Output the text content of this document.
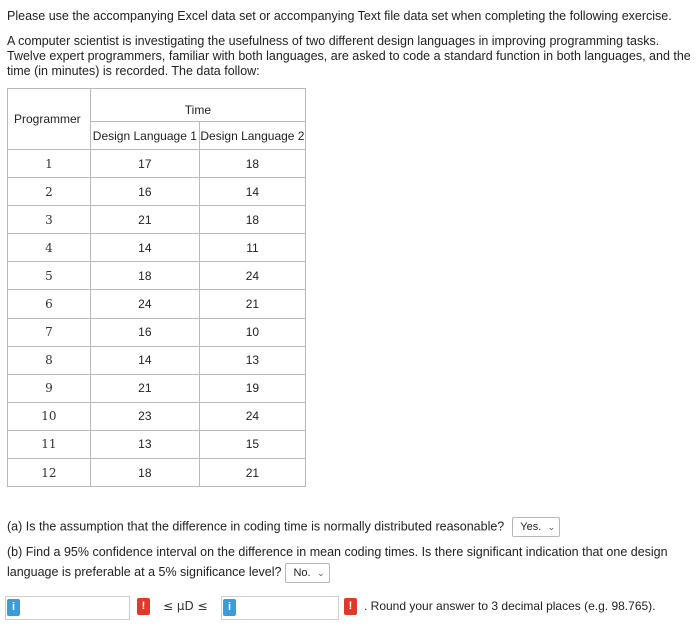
Please use the accompanying Excel data set or accompanying Text file data set when completing the following exercise.

A computer scientist is investigating the usefulness of two different design languages in improving programming tasks. Twelve expert programmers, familiar with both languages, are asked to code a standard function in both languages, and the time (in minutes) is recorded. The data follow:

Programmer	Time	
	Design Language 1	Design Language 2
1	17	18
2	16	14
3	21	18
4	14	11
5	18	24
6	24	21
7	16	10
8	14	13
9	21	19
10	23	24
11	13	15
12	18	21
(a) Is the assumption that the difference in coding time is normally distributed reasonable? Yes. ⌄
(b) Find a 95% confidence interval on the difference in mean coding times. Is there significant indication that one design language is preferable at a 5% significance level? No. ⌄
i	!	≤ μD ≤	i	! . Round your answer to 3 decimal places (e.g. 98.765).
